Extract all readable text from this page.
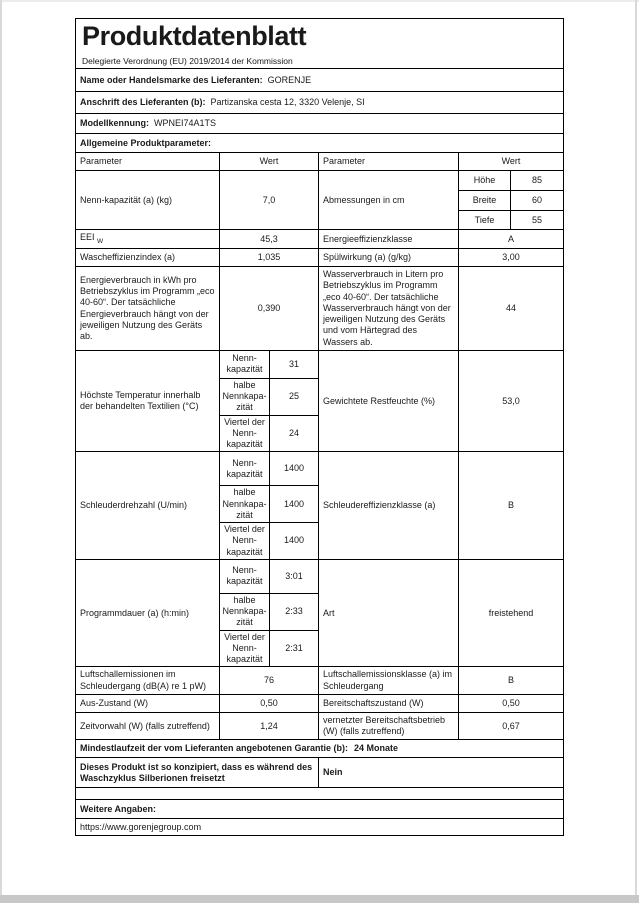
Produktdatenblatt
Delegierte Verordnung (EU) 2019/2014 der Kommission					

Name oder Handelsmarke des Lieferanten: GORENJE					
Anschrift des Lieferanten (b): Partizanska cesta 12, 3320 Velenje, SI					
Modellkennung: WPNEI74A1TS					
Allgemeine Produktparameter:					
Parameter	Wert		Parameter	Wert	
Nenn-kapazität (a) (kg)	7,0		Abmessungen in cm	Höhe	85
				Breite	60
				Tiefe	55
EEI $_W$	45,3		Energieeffizienzklasse	A	
Wascheffizienzindex (a)	1,035		Spülwirkung (a) (g/kg)	3,00	
Energieverbrauch in kWh pro Betriebszyklus im Programm „eco 40-60“. Der tatsächliche Energieverbrauch hängt von der jeweiligen Nutzung des Geräts ab.	0,390		Wasserverbrauch in Litern pro Betriebszyklus im Programm „eco 40-60“. Der tatsächliche Wasserverbrauch hängt von der jeweiligen Nutzung des Geräts und vom Härtegrad des Wassers ab.	44	
Höchste Temperatur innerhalb der behandelten Textilien (°C)	Nenn-kapazität	31	Gewichtete Restfeuchte (%)	53,0	
	halbe Nennkapa-zität	25			
	Viertel der Nenn-kapazität	24			
Schleuderdrehzahl (U/min)	Nenn-kapazität	1400	Schleudereffizienzklasse (a)	B	
	halbe Nennkapa-zität	1400			
	Viertel der Nenn-kapazität	1400			
Programmdauer (a) (h:min)	Nenn-kapazität	3:01	Art	freistehend	
	halbe Nennkapa-zität	2:33			
	Viertel der Nenn-kapazität	2:31			
Luftschallemissionen im Schleudergang (dB(A) re 1 pW)	76		Luftschallemissionsklasse (a) im Schleudergang	B	
Aus-Zustand (W)	0,50		Bereitschaftszustand (W)	0,50	
Zeitvorwahl (W) (falls zutreffend)	1,24		vernetzter Bereitschaftsbetrieb (W) (falls zutreffend)	0,67	
Mindestlaufzeit der vom Lieferanten angebotenen Garantie (b): 24 Monate					
Dieses Produkt ist so konzipiert, dass es während des Waschzyklus Silberionen freisetzt			Nein		

Weitere Angaben:					
https://www.gorenjegroup.com					
